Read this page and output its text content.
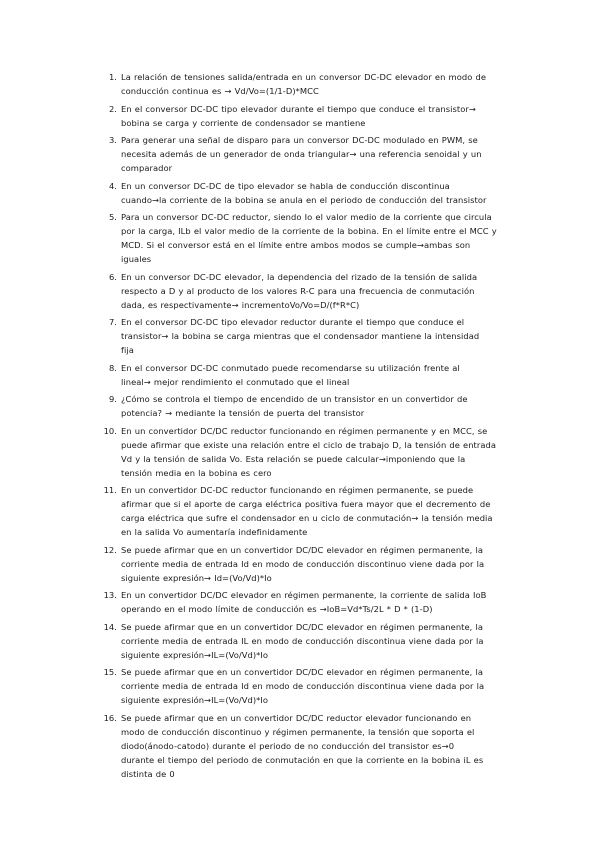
1. La relación de tensiones salida/entrada en un conversor DC-DC elevador en modo de
conducción continua es → Vd/Vo=(1/1-D)*MCC
2. En el conversor DC-DC tipo elevador durante el tiempo que conduce el transistor→
bobina se carga y corriente de condensador se mantiene
3. Para generar una señal de disparo para un conversor DC-DC modulado en PWM, se
necesita además de un generador de onda triangular→ una referencia senoidal y un
comparador
4. En un conversor DC-DC de tipo elevador se habla de conducción discontinua
cuando→la corriente de la bobina se anula en el periodo de conducción del transistor
5. Para un conversor DC-DC reductor, siendo Io el valor medio de la corriente que circula
por la carga, ILb el valor medio de la corriente de la bobina. En el límite entre el MCC y
MCD. Si el conversor está en el límite entre ambos modos se cumple→ambas son
iguales
6. En un conversor DC-DC elevador, la dependencia del rizado de la tensión de salida
respecto a D y al producto de los valores R-C para una frecuencia de conmutación
dada, es respectivamente→ incrementoVo/Vo=D/(f*R*C)
7. En el conversor DC-DC tipo elevador reductor durante el tiempo que conduce el
transistor→ la bobina se carga mientras que el condensador mantiene la intensidad
fija
8. En el conversor DC-DC conmutado puede recomendarse su utilización frente al
lineal→ mejor rendimiento el conmutado que el lineal
9. ¿Cómo se controla el tiempo de encendido de un transistor en un convertidor de
potencia? → mediante la tensión de puerta del transistor
10. En un convertidor DC/DC reductor funcionando en régimen permanente y en MCC, se
puede afirmar que existe una relación entre el ciclo de trabajo D, la tensión de entrada
Vd y la tensión de salida Vo. Esta relación se puede calcular→imponiendo que la
tensión media en la bobina es cero
11. En un convertidor DC-DC reductor funcionando en régimen permanente, se puede
afirmar que si el aporte de carga eléctrica positiva fuera mayor que el decremento de
carga eléctrica que sufre el condensador en u ciclo de conmutación→ la tensión media
en la salida Vo aumentaría indefinidamente
12. Se puede afirmar que en un convertidor DC/DC elevador en régimen permanente, la
corriente media de entrada Id en modo de conducción discontinuo viene dada por la
siguiente expresión→ Id=(Vo/Vd)*Io
13. En un convertidor DC/DC elevador en régimen permanente, la corriente de salida IoB
operando en el modo límite de conducción es →IoB=Vd*Ts/2L * D * (1-D)
14. Se puede afirmar que en un convertidor DC/DC elevador en régimen permanente, la
corriente media de entrada IL en modo de conducción discontinua viene dada por la
siguiente expresión→IL=(Vo/Vd)*Io
15. Se puede afirmar que en un convertidor DC/DC elevador en régimen permanente, la
corriente media de entrada Id en modo de conducción discontinua viene dada por la
siguiente expresión→IL=(Vo/Vd)*Io
16. Se puede afirmar que en un convertidor DC/DC reductor elevador funcionando en
modo de conducción discontinuo y régimen permanente, la tensión que soporta el
diodo(ánodo-catodo) durante el periodo de no conducción del transistor es→0
durante el tiempo del periodo de conmutación en que la corriente en la bobina iL es
distinta de 0
